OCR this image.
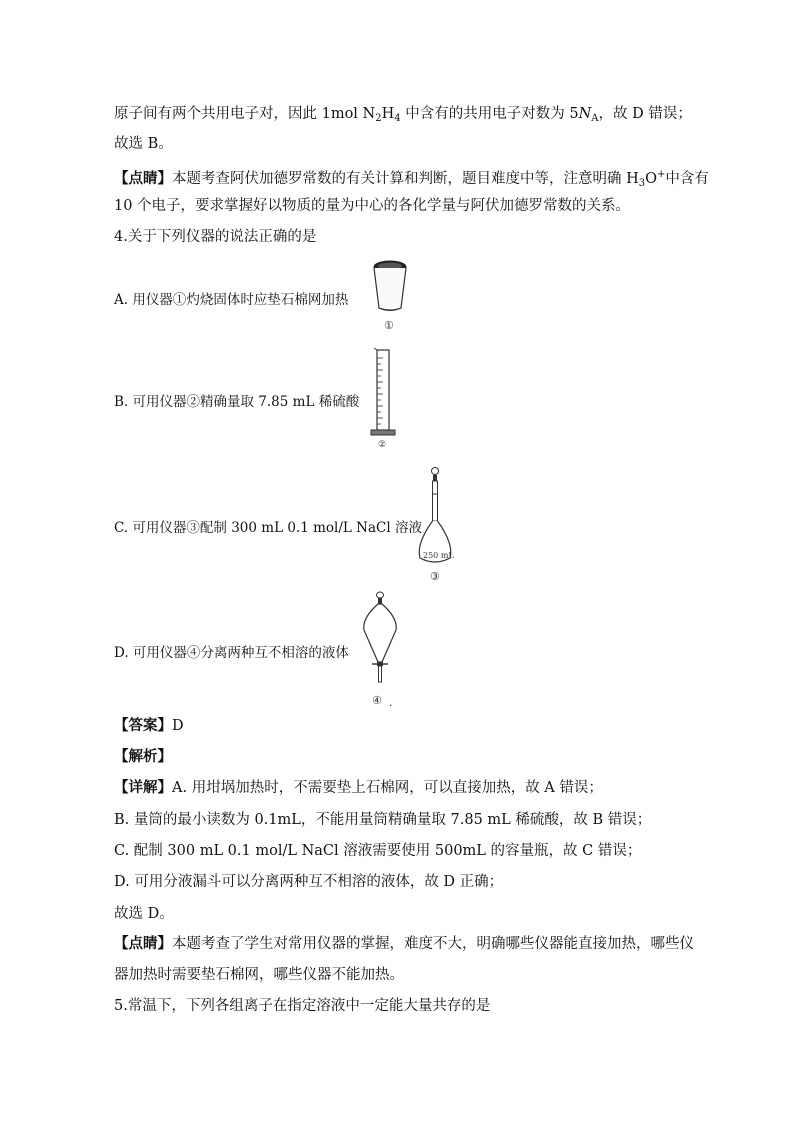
原子间有两个共用电子对，因此 1mol $N_2H_4$ 中含有的共用电子对数为 $5N_A$，故 D 错误；
故选 B。
【点睛】本题考查阿伏加德罗常数的有关计算和判断，题目难度中等，注意明确 $H_3O^+$中含有
10 个电子，要求掌握好以物质的量为中心的各化学量与阿伏加德罗常数的关系。
4.关于下列仪器的说法正确的是
A. 用仪器①灼烧固体时应垫石棉网加热
①
B. 可用仪器②精确量取 7.85 mL 稀硫酸
②
C. 可用仪器③配制 300 mL 0.1 mol/L NaCl 溶液
250 mL
③
D. 可用仪器④分离两种互不相溶的液体
④ .
【答案】D
【解析】
【详解】A. 用坩埚加热时，不需要垫上石棉网，可以直接加热，故 A 错误；
B. 量筒的最小读数为 0.1mL，不能用量筒精确量取 7.85 mL 稀硫酸，故 B 错误；
C. 配制 300 mL 0.1 mol/L NaCl 溶液需要使用 500mL 的容量瓶，故 C 错误；
D. 可用分液漏斗可以分离两种互不相溶的液体，故 D 正确；
故选 D。
【点睛】本题考查了学生对常用仪器的掌握，难度不大，明确哪些仪器能直接加热，哪些仪
器加热时需要垫石棉网，哪些仪器不能加热。
5.常温下，下列各组离子在指定溶液中一定能大量共存的是
